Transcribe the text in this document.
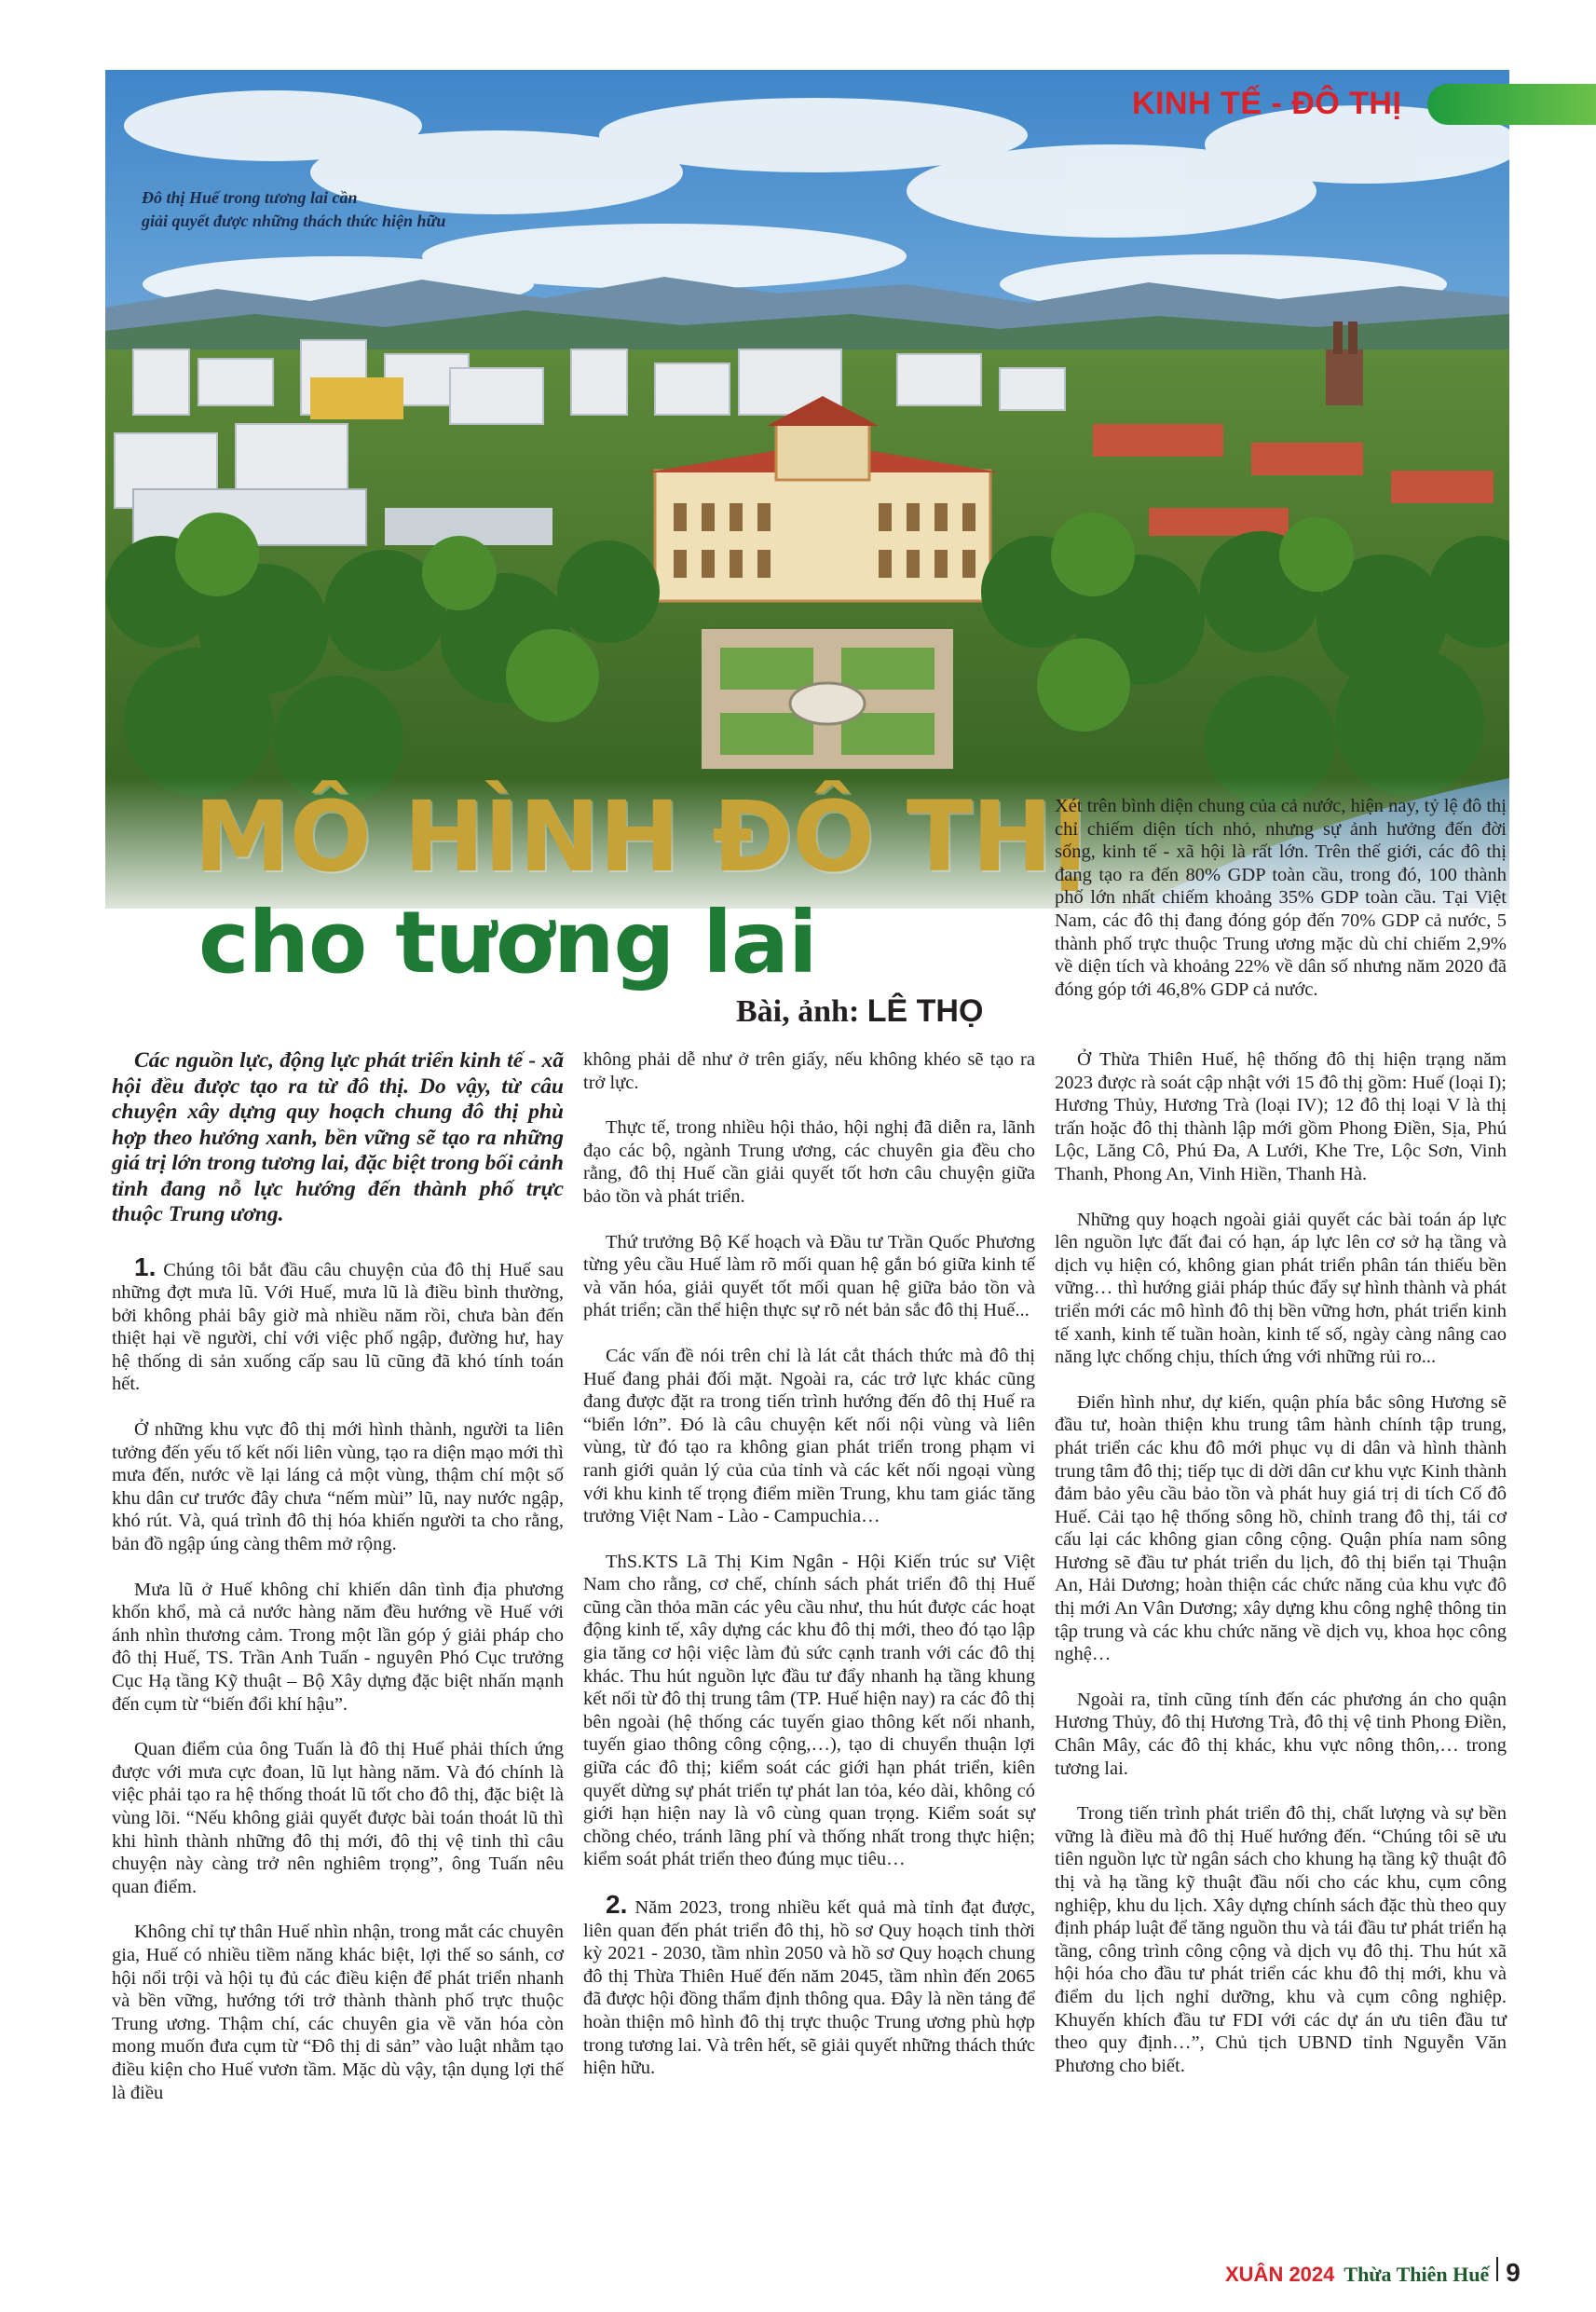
KINH TẾ - ĐÔ THỊ
Đô thị Huế trong tương lai cần
giải quyết được những thách thức hiện hữu
MÔ HÌNH ĐÔ THỊ
cho tương lai
Bài, ảnh: LÊ THỌ
Xét trên bình diện chung của cả nước, hiện nay, tỷ lệ đô thị chỉ chiếm diện tích nhỏ, nhưng sự ảnh hưởng đến đời sống, kinh tế - xã hội là rất lớn. Trên thế giới, các đô thị đang tạo ra đến 80% GDP toàn cầu, trong đó, 100 thành phố lớn nhất chiếm khoảng 35% GDP toàn cầu. Tại Việt Nam, các đô thị đang đóng góp đến 70% GDP cả nước, 5 thành phố trực thuộc Trung ương mặc dù chỉ chiếm 2,9% về diện tích và khoảng 22% về dân số nhưng năm 2020 đã đóng góp tới 46,8% GDP cả nước.

Các nguồn lực, động lực phát triển kinh tế - xã hội đều được tạo ra từ đô thị. Do vậy, từ câu chuyện xây dựng quy hoạch chung đô thị phù hợp theo hướng xanh, bền vững sẽ tạo ra những giá trị lớn trong tương lai, đặc biệt trong bối cảnh tỉnh đang nỗ lực hướng đến thành phố trực thuộc Trung ương.

1. Chúng tôi bắt đầu câu chuyện của đô thị Huế sau những đợt mưa lũ. Với Huế, mưa lũ là điều bình thường, bởi không phải bây giờ mà nhiều năm rồi, chưa bàn đến thiệt hại về người, chỉ với việc phố ngập, đường hư, hay hệ thống di sản xuống cấp sau lũ cũng đã khó tính toán hết.

Ở những khu vực đô thị mới hình thành, người ta liên tưởng đến yếu tố kết nối liên vùng, tạo ra diện mạo mới thì mưa đến, nước về lại láng cả một vùng, thậm chí một số khu dân cư trước đây chưa “nếm mùi” lũ, nay nước ngập, khó rút. Và, quá trình đô thị hóa khiến người ta cho rằng, bản đồ ngập úng càng thêm mở rộng.

Mưa lũ ở Huế không chỉ khiến dân tình địa phương khốn khổ, mà cả nước hàng năm đều hướng về Huế với ánh nhìn thương cảm. Trong một lần góp ý giải pháp cho đô thị Huế, TS. Trần Anh Tuấn - nguyên Phó Cục trưởng Cục Hạ tầng Kỹ thuật – Bộ Xây dựng đặc biệt nhấn mạnh đến cụm từ “biến đổi khí hậu”.

Quan điểm của ông Tuấn là đô thị Huế phải thích ứng được với mưa cực đoan, lũ lụt hàng năm. Và đó chính là việc phải tạo ra hệ thống thoát lũ tốt cho đô thị, đặc biệt là vùng lõi. “Nếu không giải quyết được bài toán thoát lũ thì khi hình thành những đô thị mới, đô thị vệ tinh thì câu chuyện này càng trở nên nghiêm trọng”, ông Tuấn nêu quan điểm.

Không chỉ tự thân Huế nhìn nhận, trong mắt các chuyên gia, Huế có nhiều tiềm năng khác biệt, lợi thế so sánh, cơ hội nổi trội và hội tụ đủ các điều kiện để phát triển nhanh và bền vững, hướng tới trở thành thành phố trực thuộc Trung ương. Thậm chí, các chuyên gia về văn hóa còn mong muốn đưa cụm từ “Đô thị di sản” vào luật nhằm tạo điều kiện cho Huế vươn tầm. Mặc dù vậy, tận dụng lợi thế là điều

không phải dễ như ở trên giấy, nếu không khéo sẽ tạo ra trở lực.

Thực tế, trong nhiều hội thảo, hội nghị đã diễn ra, lãnh đạo các bộ, ngành Trung ương, các chuyên gia đều cho rằng, đô thị Huế cần giải quyết tốt hơn câu chuyện giữa bảo tồn và phát triển.

Thứ trưởng Bộ Kế hoạch và Đầu tư Trần Quốc Phương từng yêu cầu Huế làm rõ mối quan hệ gắn bó giữa kinh tế và văn hóa, giải quyết tốt mối quan hệ giữa bảo tồn và phát triển; cần thể hiện thực sự rõ nét bản sắc đô thị Huế...

Các vấn đề nói trên chỉ là lát cắt thách thức mà đô thị Huế đang phải đối mặt. Ngoài ra, các trở lực khác cũng đang được đặt ra trong tiến trình hướng đến đô thị Huế ra “biển lớn”. Đó là câu chuyện kết nối nội vùng và liên vùng, từ đó tạo ra không gian phát triển trong phạm vi ranh giới quản lý của của tỉnh và các kết nối ngoại vùng với khu kinh tế trọng điểm miền Trung, khu tam giác tăng trưởng Việt Nam - Lào - Campuchia…

ThS.KTS Lã Thị Kim Ngân - Hội Kiến trúc sư Việt Nam cho rằng, cơ chế, chính sách phát triển đô thị Huế cũng cần thỏa mãn các yêu cầu như, thu hút được các hoạt động kinh tế, xây dựng các khu đô thị mới, theo đó tạo lập gia tăng cơ hội việc làm đủ sức cạnh tranh với các đô thị khác. Thu hút nguồn lực đầu tư đẩy nhanh hạ tầng khung kết nối từ đô thị trung tâm (TP. Huế hiện nay) ra các đô thị bên ngoài (hệ thống các tuyến giao thông kết nối nhanh, tuyến giao thông công cộng,…), tạo di chuyển thuận lợi giữa các đô thị; kiểm soát các giới hạn phát triển, kiên quyết dừng sự phát triển tự phát lan tỏa, kéo dài, không có giới hạn hiện nay là vô cùng quan trọng. Kiểm soát sự chồng chéo, tránh lãng phí và thống nhất trong thực hiện; kiểm soát phát triển theo đúng mục tiêu…

2. Năm 2023, trong nhiều kết quả mà tỉnh đạt được, liên quan đến phát triển đô thị, hồ sơ Quy hoạch tỉnh thời kỳ 2021 - 2030, tầm nhìn 2050 và hồ sơ Quy hoạch chung đô thị Thừa Thiên Huế đến năm 2045, tầm nhìn đến 2065 đã được hội đồng thẩm định thông qua. Đây là nền tảng để hoàn thiện mô hình đô thị trực thuộc Trung ương phù hợp trong tương lai. Và trên hết, sẽ giải quyết những thách thức hiện hữu.

Ở Thừa Thiên Huế, hệ thống đô thị hiện trạng năm 2023 được rà soát cập nhật với 15 đô thị gồm: Huế (loại I); Hương Thủy, Hương Trà (loại IV); 12 đô thị loại V là thị trấn hoặc đô thị thành lập mới gồm Phong Điền, Sịa, Phú Lộc, Lăng Cô, Phú Đa, A Lưới, Khe Tre, Lộc Sơn, Vinh Thanh, Phong An, Vinh Hiền, Thanh Hà.

Những quy hoạch ngoài giải quyết các bài toán áp lực lên nguồn lực đất đai có hạn, áp lực lên cơ sở hạ tầng và dịch vụ hiện có, không gian phát triển phân tán thiếu bền vững… thì hướng giải pháp thúc đẩy sự hình thành và phát triển mới các mô hình đô thị bền vững hơn, phát triển kinh tế xanh, kinh tế tuần hoàn, kinh tế số, ngày càng nâng cao năng lực chống chịu, thích ứng với những rủi ro...

Điển hình như, dự kiến, quận phía bắc sông Hương sẽ đầu tư, hoàn thiện khu trung tâm hành chính tập trung, phát triển các khu đô mới phục vụ di dân và hình thành trung tâm đô thị; tiếp tục di dời dân cư khu vực Kinh thành đảm bảo yêu cầu bảo tồn và phát huy giá trị di tích Cố đô Huế. Cải tạo hệ thống sông hồ, chỉnh trang đô thị, tái cơ cấu lại các không gian công cộng. Quận phía nam sông Hương sẽ đầu tư phát triển du lịch, đô thị biển tại Thuận An, Hải Dương; hoàn thiện các chức năng của khu vực đô thị mới An Vân Dương; xây dựng khu công nghệ thông tin tập trung và các khu chức năng về dịch vụ, khoa học công nghệ…

Ngoài ra, tỉnh cũng tính đến các phương án cho quận Hương Thủy, đô thị Hương Trà, đô thị vệ tinh Phong Điền, Chân Mây, các đô thị khác, khu vực nông thôn,… trong tương lai.

Trong tiến trình phát triển đô thị, chất lượng và sự bền vững là điều mà đô thị Huế hướng đến. “Chúng tôi sẽ ưu tiên nguồn lực từ ngân sách cho khung hạ tầng kỹ thuật đô thị và hạ tầng kỹ thuật đầu nối cho các khu, cụm công nghiệp, khu du lịch. Xây dựng chính sách đặc thù theo quy định pháp luật để tăng nguồn thu và tái đầu tư phát triển hạ tầng, công trình công cộng và dịch vụ đô thị. Thu hút xã hội hóa cho đầu tư phát triển các khu đô thị mới, khu và điểm du lịch nghỉ dưỡng, khu và cụm công nghiệp. Khuyến khích đầu tư FDI với các dự án ưu tiên đầu tư theo quy định…”, Chủ tịch UBND tỉnh Nguyễn Văn Phương cho biết.

XUÂN 2024 Thừa Thiên Huế 9
